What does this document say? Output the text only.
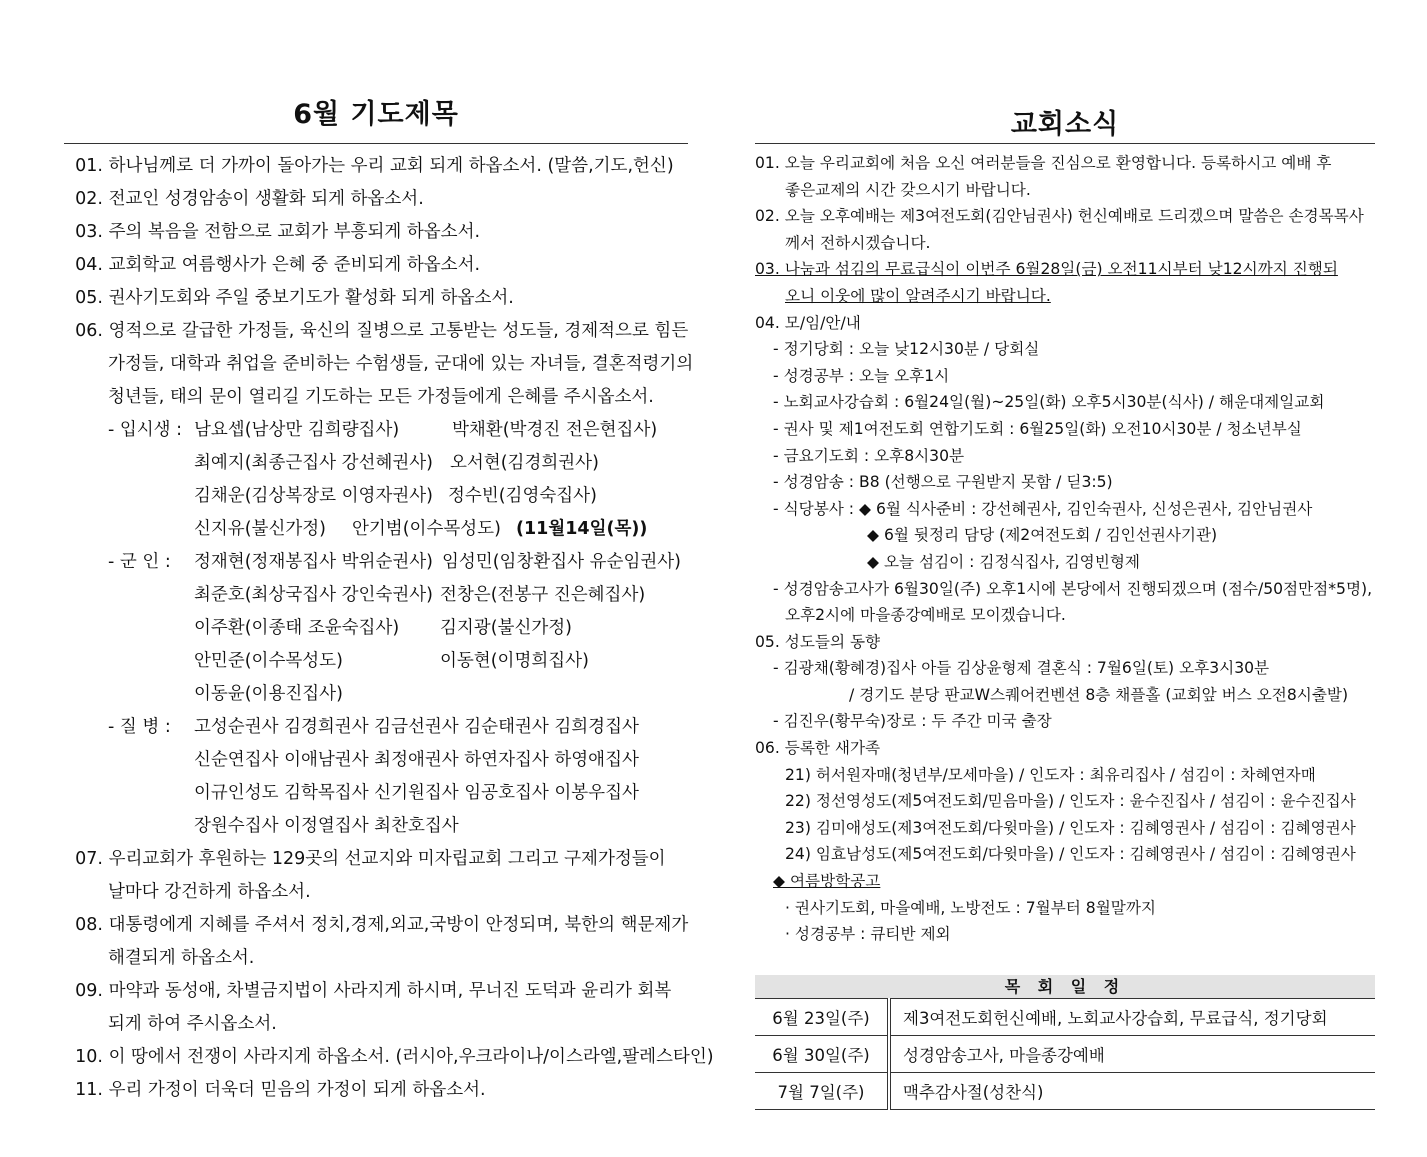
6월 기도제목
01. 하나님께로 더 가까이 돌아가는 우리 교회 되게 하옵소서. (말씀,기도,헌신)
02. 전교인 성경암송이 생활화 되게 하옵소서.
03. 주의 복음을 전함으로 교회가 부흥되게 하옵소서.
04. 교회학교 여름행사가 은혜 중 준비되게 하옵소서.
05. 권사기도회와 주일 중보기도가 활성화 되게 하옵소서.
06. 영적으로 갈급한 가정들, 육신의 질병으로 고통받는 성도들, 경제적으로 힘든
가정들, 대학과 취업을 준비하는 수험생들, 군대에 있는 자녀들, 결혼적령기의
청년들, 태의 문이 열리길 기도하는 모든 가정들에게 은혜를 주시옵소서.
- 입시생 : 남요셉(남상만 김희량집사)	박채환(박경진 전은현집사)
최예지(최종근집사 강선혜권사) 오서현(김경희권사)
김채운(김상복장로 이영자권사) 정수빈(김영숙집사)
신지유(불신가정) 안기범(이수목성도) (11월14일(목))
- 군 인 : 정재현(정재봉집사 박위순권사) 임성민(임창환집사 유순임권사)
최준호(최상국집사 강인숙권사) 전창은(전봉구 진은혜집사)
이주환(이종태 조윤숙집사) 김지광(불신가정)
안민준(이수목성도)	이동현(이명희집사)
이동윤(이용진집사)
- 질 병 : 고성순권사 김경희권사 김금선권사 김순태권사 김희경집사
신순연집사 이애남권사 최정애권사 하연자집사 하영애집사
이규인성도 김학목집사 신기원집사 임공호집사 이봉우집사
장원수집사 이정열집사 최찬호집사
07. 우리교회가 후원하는 129곳의 선교지와 미자립교회 그리고 구제가정들이
날마다 강건하게 하옵소서.
08. 대통령에게 지혜를 주셔서 정치,경제,외교,국방이 안정되며, 북한의 핵문제가
해결되게 하옵소서.
09. 마약과 동성애, 차별금지법이 사라지게 하시며, 무너진 도덕과 윤리가 회복
되게 하여 주시옵소서.
10. 이 땅에서 전쟁이 사라지게 하옵소서. (러시아,우크라이나/이스라엘,팔레스타인)
11. 우리 가정이 더욱더 믿음의 가정이 되게 하옵소서.
교회소식
01. 오늘 우리교회에 처음 오신 여러분들을 진심으로 환영합니다. 등록하시고 예배 후
좋은교제의 시간 갖으시기 바랍니다.
02. 오늘 오후예배는 제3여전도회(김안님권사) 헌신예배로 드리겠으며 말씀은 손경목목사
께서 전하시겠습니다.
03. 나눔과 섬김의 무료급식이 이번주 6월28일(금) 오전11시부터 낮12시까지 진행되
오니 이웃에 많이 알려주시기 바랍니다.
04. 모/임/안/내
- 정기당회 : 오늘 낮12시30분 / 당회실
- 성경공부 : 오늘 오후1시
- 노회교사강습회 : 6월24일(월)~25일(화) 오후5시30분(식사) / 해운대제일교회
- 권사 및 제1여전도회 연합기도회 : 6월25일(화) 오전10시30분 / 청소년부실
- 금요기도회 : 오후8시30분
- 성경암송 : B8 (선행으로 구원받지 못함 / 딛3:5)
- 식당봉사 : ◆ 6월 식사준비 : 강선혜권사, 김인숙권사, 신성은권사, 김안님권사
◆ 6월 뒷정리 담당 (제2여전도회 / 김인선권사기관)
◆ 오늘 섬김이 : 김정식집사, 김영빈형제
- 성경암송고사가 6월30일(주) 오후1시에 본당에서 진행되겠으며 (점수/50점만점*5명),
오후2시에 마을종강예배로 모이겠습니다.
05. 성도들의 동향
- 김광채(황혜경)집사 아들 김상윤형제 결혼식 : 7월6일(토) 오후3시30분
/ 경기도 분당 판교W스퀘어컨벤션 8층 채플홀 (교회앞 버스 오전8시출발)
- 김진우(황무숙)장로 : 두 주간 미국 출장
06. 등록한 새가족
21) 허서원자매(청년부/모세마을) / 인도자 : 최유리집사 / 섬김이 : 차혜연자매
22) 정선영성도(제5여전도회/믿음마을) / 인도자 : 윤수진집사 / 섬김이 : 윤수진집사
23) 김미애성도(제3여전도회/다윗마을) / 인도자 : 김혜영권사 / 섬김이 : 김혜영권사
24) 임효남성도(제5여전도회/다윗마을) / 인도자 : 김혜영권사 / 섬김이 : 김혜영권사
◆ 여름방학공고
· 권사기도회, 마을예배, 노방전도 : 7월부터 8월말까지
· 성경공부 : 큐티반 제외
목 회 일 정
6월 23일(주)	제3여전도회헌신예배, 노회교사강습회, 무료급식, 정기당회
6월 30일(주)	성경암송고사, 마을종강예배
7월 7일(주)	맥추감사절(성찬식)
